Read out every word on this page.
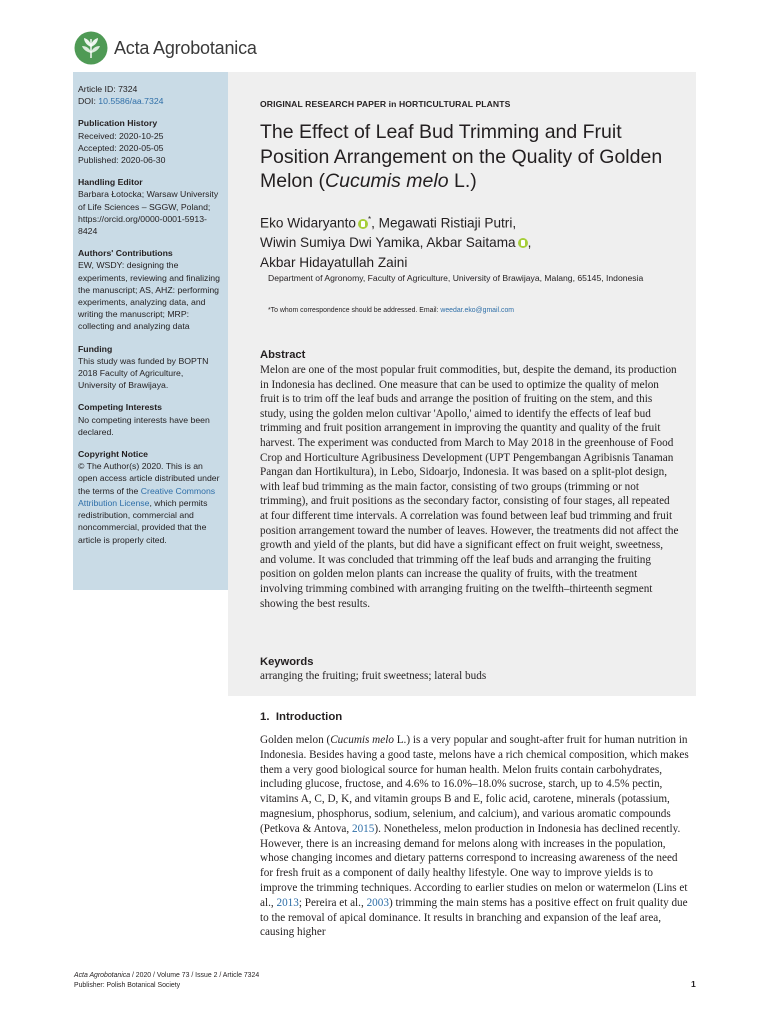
Acta Agrobotanica
Article ID: 7324
DOI: 10.5586/aa.7324
Publication History
Received: 2020-10-25
Accepted: 2020-05-05
Published: 2020-06-30
Handling Editor
Barbara Łotocka; Warsaw University of Life Sciences – SGGW, Poland; https://orcid.org/0000-0001-5913-8424
Authors' Contributions
EW, WSDY: designing the experiments, reviewing and finalizing the manuscript; AS, AHZ: performing experiments, analyzing data, and writing the manuscript; MRP: collecting and analyzing data
Funding
This study was funded by BOPTN 2018 Faculty of Agriculture, University of Brawijaya.
Competing Interests
No competing interests have been declared.
Copyright Notice
© The Author(s) 2020. This is an open access article distributed under the terms of the Creative Commons Attribution License, which permits redistribution, commercial and noncommercial, provided that the article is properly cited.
ORIGINAL RESEARCH PAPER in HORTICULTURAL PLANTS
The Effect of Leaf Bud Trimming and Fruit Position Arrangement on the Quality of Golden Melon (Cucumis melo L.)
Eko Widaryanto *, Megawati Ristiaji Putri,
Wiwin Sumiya Dwi Yamika, Akbar Saitama ,
Akbar Hidayatullah Zaini
Department of Agronomy, Faculty of Agriculture, University of Brawijaya, Malang, 65145, Indonesia
*To whom correspondence should be addressed. Email: weedar.eko@gmail.com
Abstract

Melon are one of the most popular fruit commodities, but, despite the demand, its production in Indonesia has declined. One measure that can be used to optimize the quality of melon fruit is to trim off the leaf buds and arrange the position of fruiting on the stem, and this study, using the golden melon cultivar 'Apollo,' aimed to identify the effects of leaf bud trimming and fruit position arrangement in improving the quantity and quality of the fruit harvest. The experiment was conducted from March to May 2018 in the greenhouse of Food Crop and Horticulture Agribusiness Development (UPT Pengembangan Agribisnis Tanaman Pangan dan Hortikultura), in Lebo, Sidoarjo, Indonesia. It was based on a split-plot design, with leaf bud trimming as the main factor, consisting of two groups (trimming or not trimming), and fruit positions as the secondary factor, consisting of four stages, all repeated at four different time intervals. A correlation was found between leaf bud trimming and fruit position arrangement toward the number of leaves. However, the treatments did not affect the growth and yield of the plants, but did have a significant effect on fruit weight, sweetness, and volume. It was concluded that trimming off the leaf buds and arranging the fruiting position on golden melon plants can increase the quality of fruits, with the treatment involving trimming combined with arranging fruiting on the twelfth–thirteenth segment showing the best results.

Keywords
arranging the fruiting; fruit sweetness; lateral buds
1.  Introduction

Golden melon (Cucumis melo L.) is a very popular and sought-after fruit for human nutrition in Indonesia. Besides having a good taste, melons have a rich chemical composition, which makes them a very good biological source for human health. Melon fruits contain carbohydrates, including glucose, fructose, and 4.6% to 16.0%–18.0% sucrose, starch, up to 4.5% pectin, vitamins A, C, D, K, and vitamin groups B and E, folic acid, carotene, minerals (potassium, magnesium, phosphorus, sodium, selenium, and calcium), and various aromatic compounds (Petkova & Antova, 2015). Nonetheless, melon production in Indonesia has declined recently. However, there is an increasing demand for melons along with increases in the population, whose changing incomes and dietary patterns correspond to increasing awareness of the need for fresh fruit as a component of daily healthy lifestyle. One way to improve yields is to improve the trimming techniques. According to earlier studies on melon or watermelon (Lins et al., 2013; Pereira et al., 2003) trimming the main stems has a positive effect on fruit quality due to the removal of apical dominance. It results in branching and expansion of the leaf area, causing higher

Acta Agrobotanica / 2020 / Volume 73 / Issue 2 / Article 7324
Publisher: Polish Botanical Society	1
